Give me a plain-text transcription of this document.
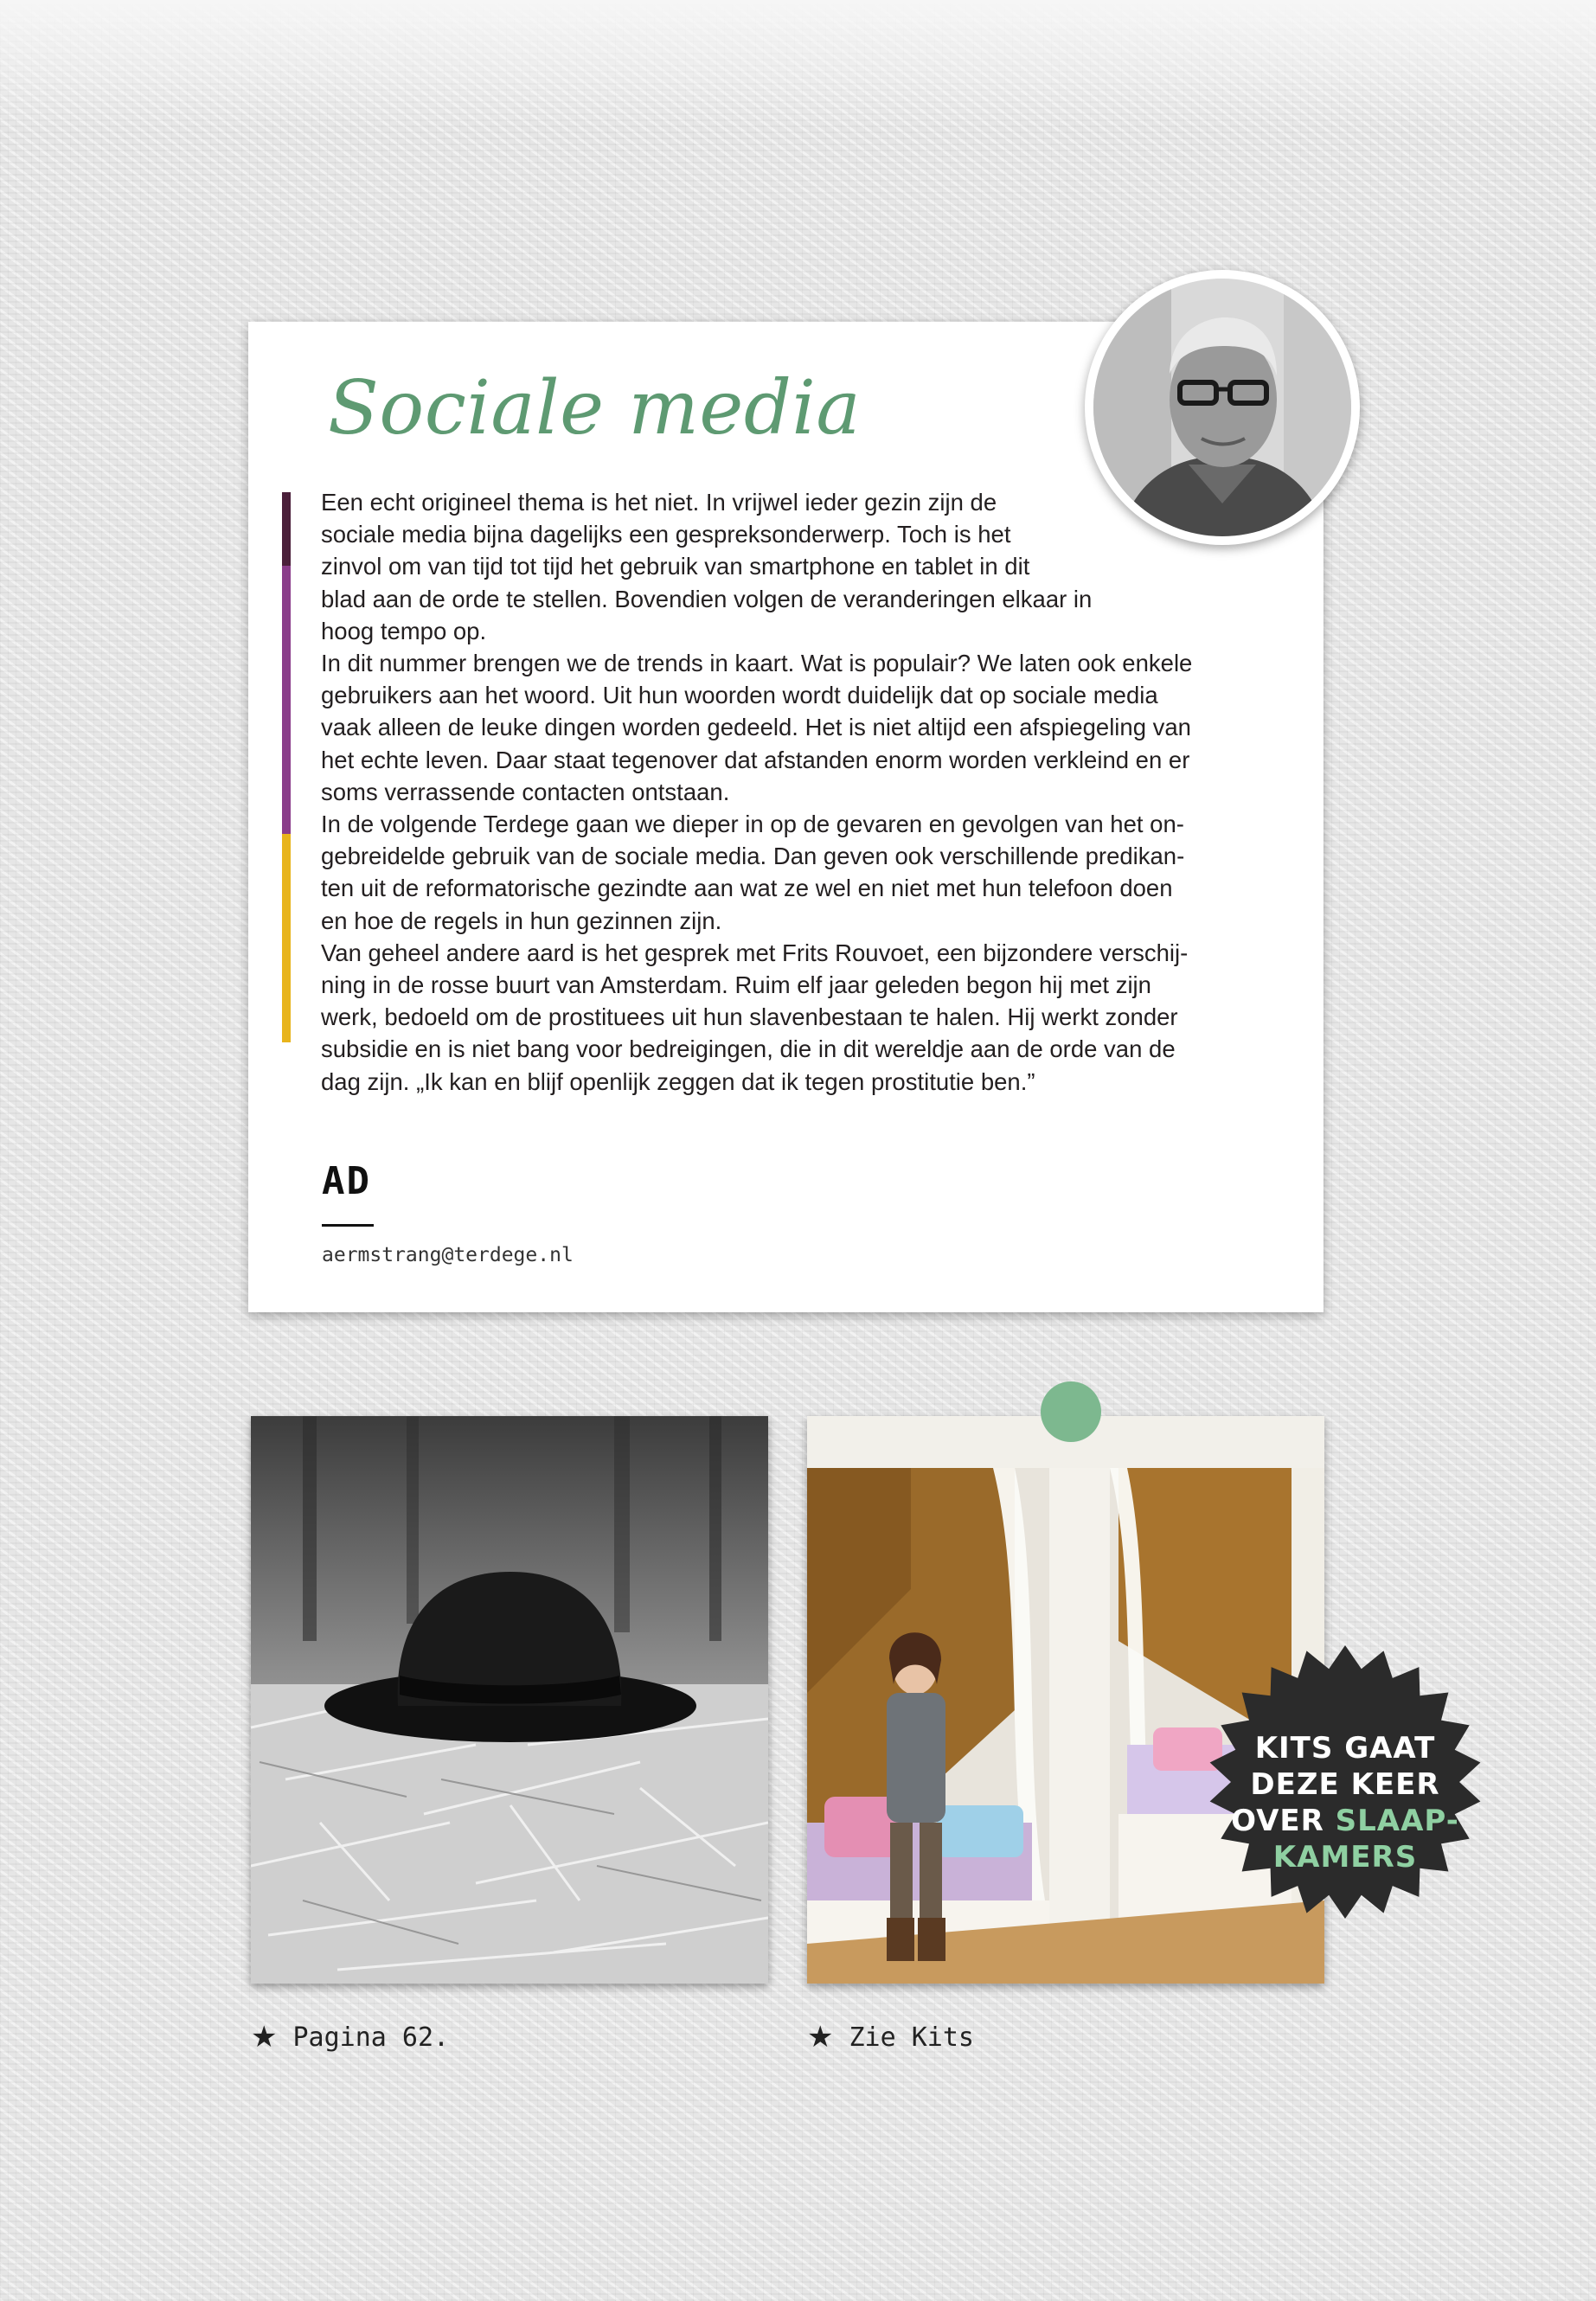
Sociale media

Een echt origineel thema is het niet. In vrijwel ieder gezin zijn de
sociale media bijna dagelijks een gespreksonderwerp. Toch is het
zinvol om van tijd tot tijd het gebruik van smartphone en tablet in dit
blad aan de orde te stellen. Bovendien volgen de veranderingen elkaar in
hoog tempo op.

In dit nummer brengen we de trends in kaart. Wat is populair? We laten ook enkele
gebruikers aan het woord. Uit hun woorden wordt duidelijk dat op sociale media
vaak alleen de leuke dingen worden gedeeld. Het is niet altijd een afspiegeling van
het echte leven. Daar staat tegenover dat afstanden enorm worden verkleind en er
soms verrassende contacten ontstaan.

In de volgende Terdege gaan we dieper in op de gevaren en gevolgen van het on-
gebreidelde gebruik van de sociale media. Dan geven ook verschillende predikan-
ten uit de reformatorische gezindte aan wat ze wel en niet met hun telefoon doen
en hoe de regels in hun gezinnen zijn.

Van geheel andere aard is het gesprek met Frits Rouvoet, een bijzondere verschij-
ning in de rosse buurt van Amsterdam. Ruim elf jaar geleden begon hij met zijn
werk, bedoeld om de prostituees uit hun slavenbestaan te halen. Hij werkt zonder
subsidie en is niet bang voor bedreigingen, die in dit wereldje aan de orde van de
dag zijn. „Ik kan en blijf openlijk zeggen dat ik tegen prostitutie ben.”

AD
aermstrang@terdege.nl
★ Pagina 62.	★ Zie Kits
KITS GAAT
DEZE KEER
OVER SLAAP-
KAMERS
